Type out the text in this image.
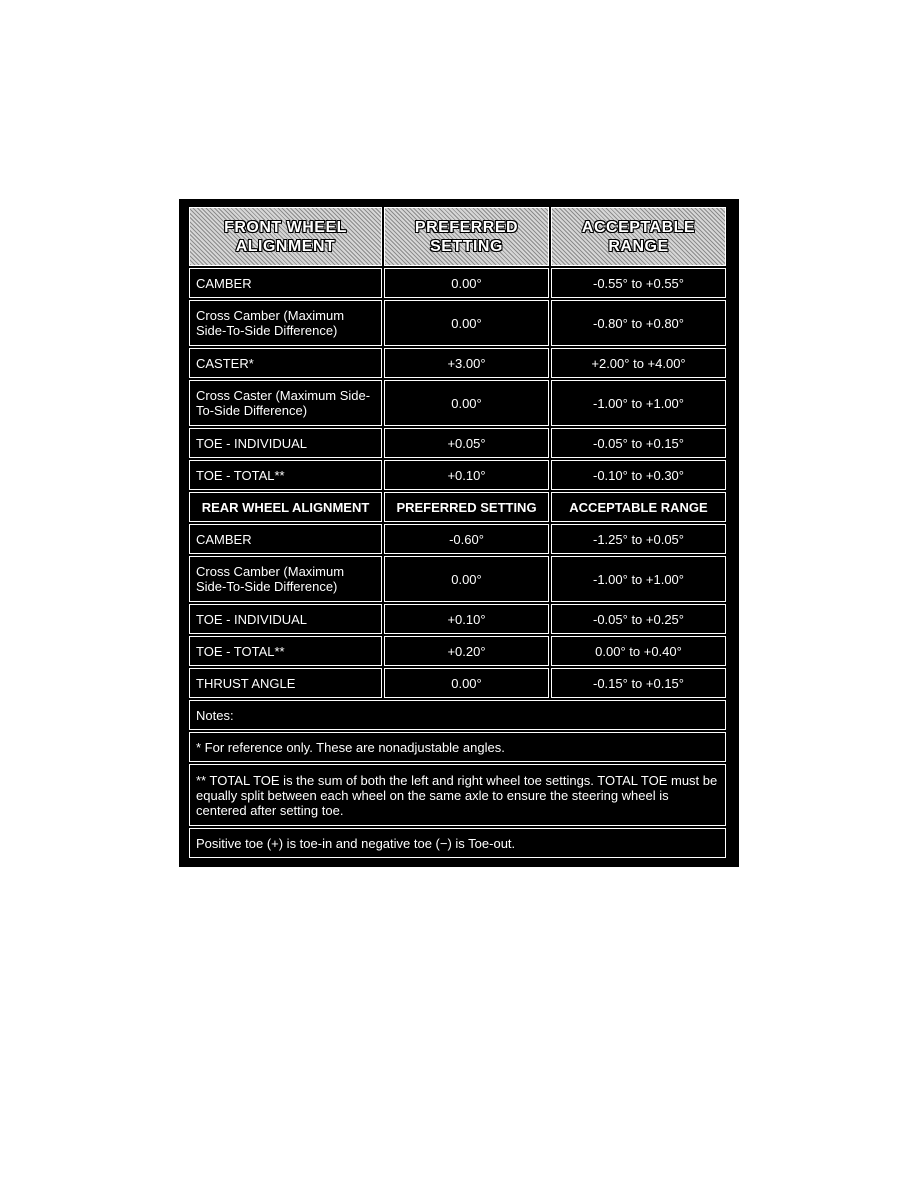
FRONT WHEEL ALIGNMENT	PREFERRED SETTING	ACCEPTABLE RANGE
CAMBER	0.00°	-0.55° to +0.55°
Cross Camber (Maximum Side-To-Side Difference)	0.00°	-0.80° to +0.80°
CASTER*	+3.00°	+2.00° to +4.00°
Cross Caster (Maximum Side-To-Side Difference)	0.00°	-1.00° to +1.00°
TOE - INDIVIDUAL	+0.05°	-0.05° to +0.15°
TOE - TOTAL**	+0.10°	-0.10° to +0.30°
REAR WHEEL ALIGNMENT	PREFERRED SETTING	ACCEPTABLE RANGE
CAMBER	-0.60°	-1.25° to +0.05°
Cross Camber (Maximum Side-To-Side Difference)	0.00°	-1.00° to +1.00°
TOE - INDIVIDUAL	+0.10°	-0.05° to +0.25°
TOE - TOTAL**	+0.20°	0.00° to +0.40°
THRUST ANGLE	0.00°	-0.15° to +0.15°
Notes:		
* For reference only. These are nonadjustable angles.		
** TOTAL TOE is the sum of both the left and right wheel toe settings. TOTAL TOE must be equally split between each wheel on the same axle to ensure the steering wheel is centered after setting toe.		
Positive toe (+) is toe-in and negative toe (−) is Toe-out.		
